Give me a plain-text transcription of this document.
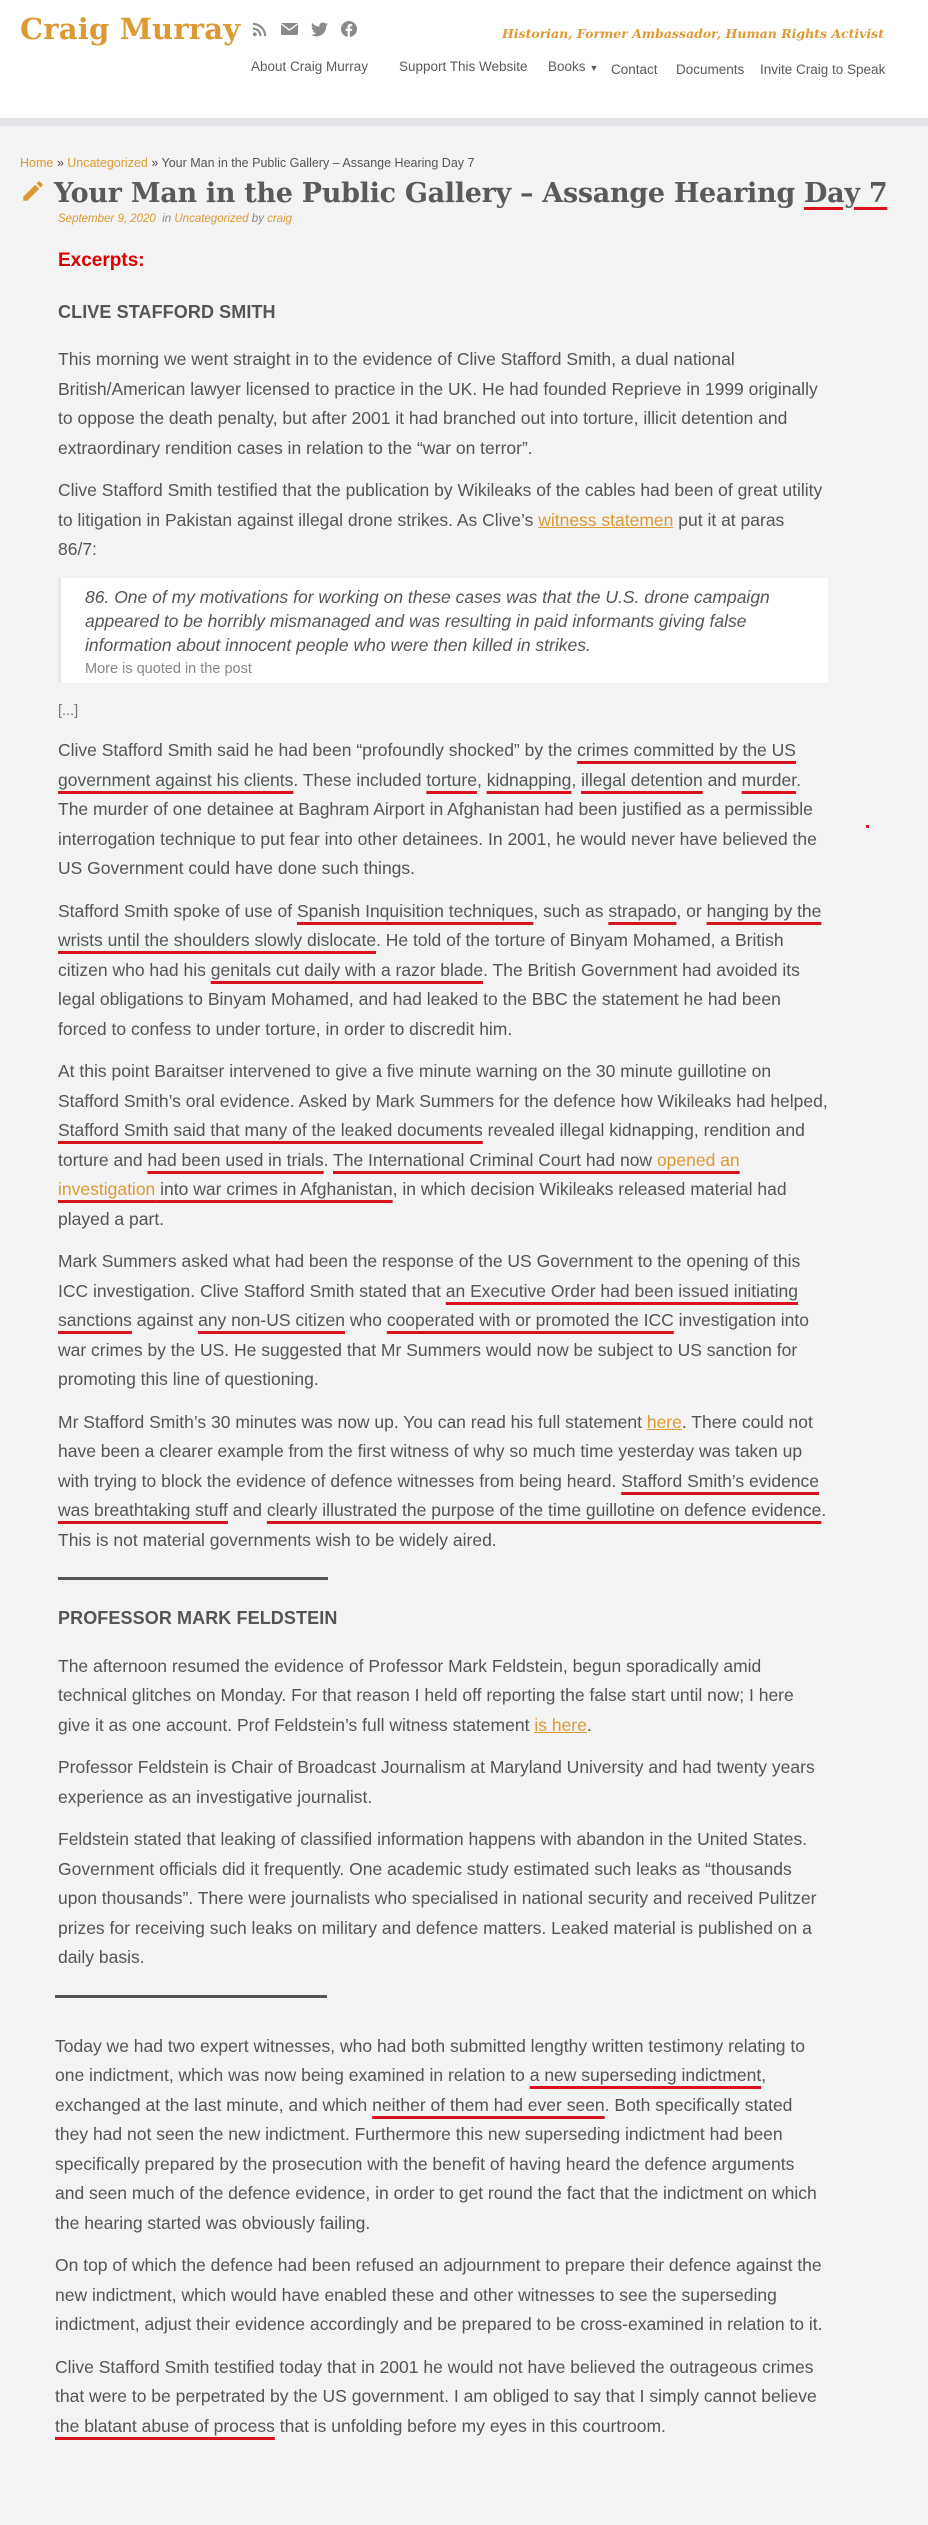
Craig Murray	Historian, Former Ambassador, Human Rights Activist
About Craig Murray Support This Website Books ▼ Contact Documents Invite Craig to Speak
Home » Uncategorized » Your Man in the Public Gallery – Assange Hearing Day 7
Your Man in the Public Gallery – Assange Hearing Day 7
September 9, 2020 in Uncategorized by craig

Excerpts:

CLIVE STAFFORD SMITH

This morning we went straight in to the evidence of Clive Stafford Smith, a dual national British/American lawyer licensed to practice in the UK. He had founded Reprieve in 1999 originally to oppose the death penalty, but after 2001 it had branched out into torture, illicit detention and extraordinary rendition cases in relation to the “war on terror”.

Clive Stafford Smith testified that the publication by Wikileaks of the cables had been of great utility to litigation in Pakistan against illegal drone strikes. As Clive’s witness statemen put it at paras 86/7:

86. One of my motivations for working on these cases was that the U.S. drone campaign appeared to be horribly mismanaged and was resulting in paid informants giving false information about innocent people who were then killed in strikes.
More is quoted in the post
[...]

Clive Stafford Smith said he had been “profoundly shocked” by the crimes committed by the US government against his clients. These included torture, kidnapping, illegal detention and murder. The murder of one detainee at Baghram Airport in Afghanistan had been justified as a permissible interrogation technique to put fear into other detainees. In 2001, he would never have believed the US Government could have done such things.

Stafford Smith spoke of use of Spanish Inquisition techniques, such as strapado, or hanging by the wrists until the shoulders slowly dislocate. He told of the torture of Binyam Mohamed, a British citizen who had his genitals cut daily with a razor blade. The British Government had avoided its legal obligations to Binyam Mohamed, and had leaked to the BBC the statement he had been forced to confess to under torture, in order to discredit him.

At this point Baraitser intervened to give a five minute warning on the 30 minute guillotine on Stafford Smith’s oral evidence. Asked by Mark Summers for the defence how Wikileaks had helped, Stafford Smith said that many of the leaked documents revealed illegal kidnapping, rendition and torture and had been used in trials. The International Criminal Court had now opened an investigation into war crimes in Afghanistan, in which decision Wikileaks released material had played a part.

Mark Summers asked what had been the response of the US Government to the opening of this ICC investigation. Clive Stafford Smith stated that an Executive Order had been issued initiating sanctions against any non-US citizen who cooperated with or promoted the ICC investigation into war crimes by the US. He suggested that Mr Summers would now be subject to US sanction for promoting this line of questioning.

Mr Stafford Smith’s 30 minutes was now up. You can read his full statement here. There could not have been a clearer example from the first witness of why so much time yesterday was taken up with trying to block the evidence of defence witnesses from being heard. Stafford Smith’s evidence was breathtaking stuff and clearly illustrated the purpose of the time guillotine on defence evidence. This is not material governments wish to be widely aired.

PROFESSOR MARK FELDSTEIN

The afternoon resumed the evidence of Professor Mark Feldstein, begun sporadically amid technical glitches on Monday. For that reason I held off reporting the false start until now; I here give it as one account. Prof Feldstein’s full witness statement is here.

Professor Feldstein is Chair of Broadcast Journalism at Maryland University and had twenty years experience as an investigative journalist.

Feldstein stated that leaking of classified information happens with abandon in the United States. Government officials did it frequently. One academic study estimated such leaks as “thousands upon thousands”. There were journalists who specialised in national security and received Pulitzer prizes for receiving such leaks on military and defence matters. Leaked material is published on a daily basis.

Today we had two expert witnesses, who had both submitted lengthy written testimony relating to one indictment, which was now being examined in relation to a new superseding indictment, exchanged at the last minute, and which neither of them had ever seen. Both specifically stated they had not seen the new indictment. Furthermore this new superseding indictment had been specifically prepared by the prosecution with the benefit of having heard the defence arguments and seen much of the defence evidence, in order to get round the fact that the indictment on which the hearing started was obviously failing.

On top of which the defence had been refused an adjournment to prepare their defence against the new indictment, which would have enabled these and other witnesses to see the superseding indictment, adjust their evidence accordingly and be prepared to be cross-examined in relation to it.

Clive Stafford Smith testified today that in 2001 he would not have believed the outrageous crimes that were to be perpetrated by the US government. I am obliged to say that I simply cannot believe the blatant abuse of process that is unfolding before my eyes in this courtroom.
